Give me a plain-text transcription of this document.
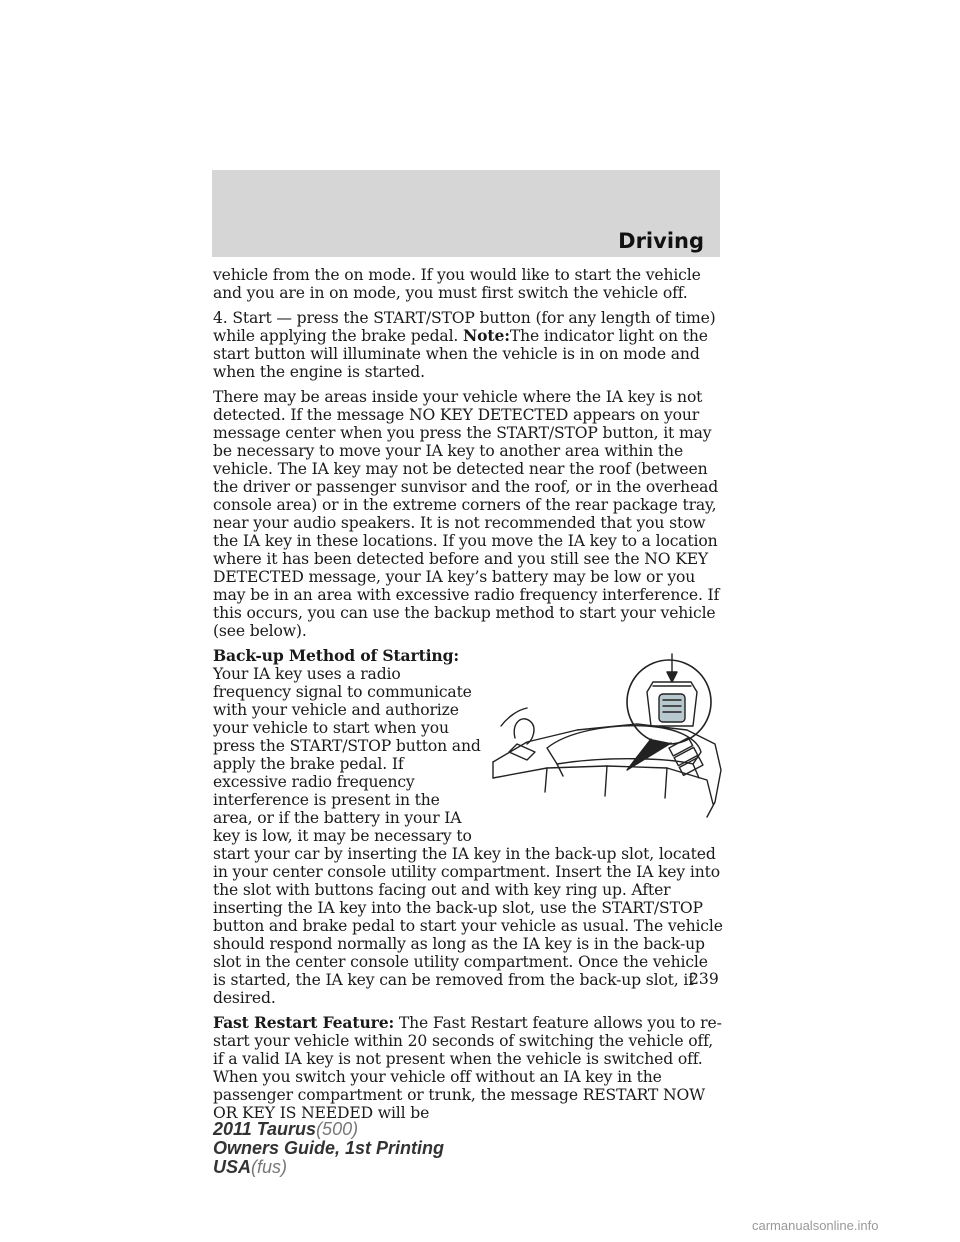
Driving

vehicle from the on mode. If you would like to start the vehicle and you are in on mode, you must first switch the vehicle off.

4. Start — press the START/STOP button (for any length of time) while applying the brake pedal. Note:The indicator light on the start button will illuminate when the vehicle is in on mode and when the engine is started.

There may be areas inside your vehicle where the IA key is not detected. If the message NO KEY DETECTED appears on your message center when you press the START/STOP button, it may be necessary to move your IA key to another area within the vehicle. The IA key may not be detected near the roof (between the driver or passenger sunvisor and the roof, or in the overhead console area) or in the extreme corners of the rear package tray, near your audio speakers. It is not recommended that you stow the IA key in these locations. If you move the IA key to a location where it has been detected before and you still see the NO KEY DETECTED message, your IA key’s battery may be low or you may be in an area with excessive radio frequency interference. If this occurs, you can use the backup method to start your vehicle (see below).

Back-up Method of Starting: Your IA key uses a radio frequency signal to communicate with your vehicle and authorize your vehicle to start when you press the START/STOP button and apply the brake pedal. If excessive radio frequency interference is present in the area, or if the battery in your IA key is low, it may be necessary to start your car by inserting the IA key in the back-up slot, located in your center console utility compartment. Insert the IA key into the slot with buttons facing out and with key ring up. After inserting the IA key into the back-up slot, use the START/STOP button and brake pedal to start your vehicle as usual. The vehicle should respond normally as long as the IA key is in the back-up slot in the center console utility compartment. Once the vehicle is started, the IA key can be removed from the back-up slot, if desired.

Fast Restart Feature: The Fast Restart feature allows you to re-start your vehicle within 20 seconds of switching the vehicle off, if a valid IA key is not present when the vehicle is switched off. When you switch your vehicle off without an IA key in the passenger compartment or trunk, the message RESTART NOW OR KEY IS NEEDED will be

239
2011 Taurus(500)
Owners Guide, 1st Printing
USA(fus)
carmanualsonline.info
